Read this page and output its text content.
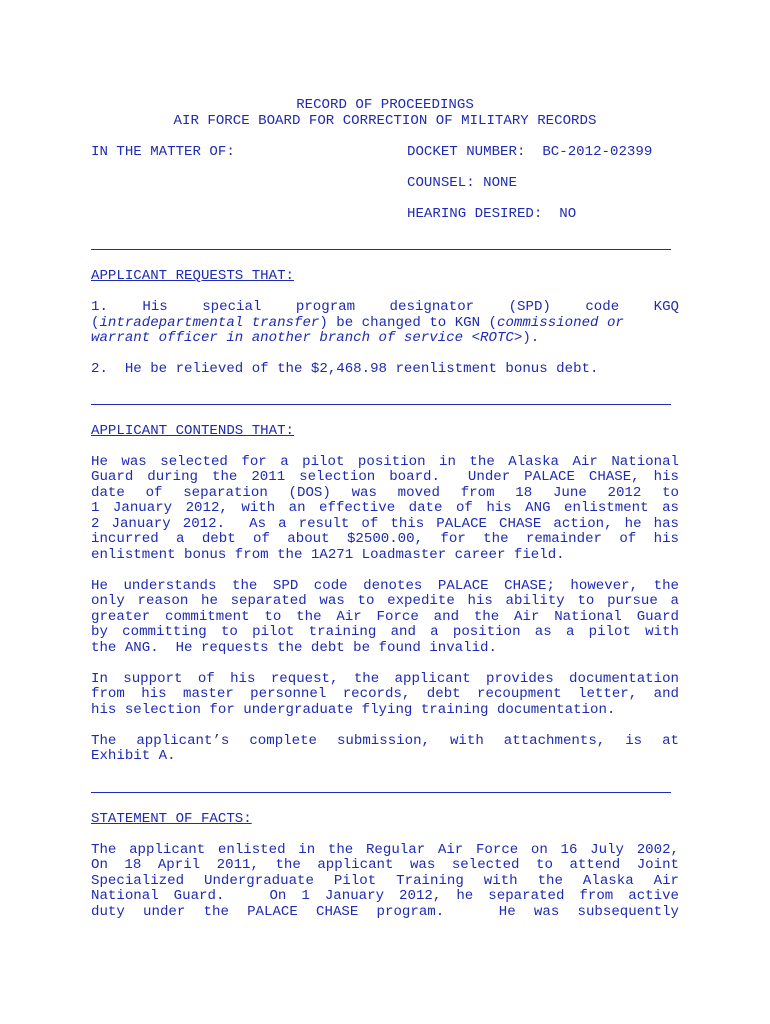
RECORD OF PROCEEDINGS
AIR FORCE BOARD FOR CORRECTION OF MILITARY RECORDS
IN THE MATTER OF:	DOCKET NUMBER:  BC-2012-02399
COUNSEL: NONE
HEARING DESIRED:  NO
APPLICANT REQUESTS THAT:
1. His special program designator (SPD) code KGQ
(intradepartmental transfer) be changed to KGN (commissioned or
warrant officer in another branch of service <ROTC>).
2.  He be relieved of the $2,468.98 reenlistment bonus debt.
APPLICANT CONTENDS THAT:
He was selected for a pilot position in the Alaska Air National
Guard during the 2011 selection board.  Under PALACE CHASE, his
date of separation (DOS) was moved from 18 June 2012 to
1 January 2012, with an effective date of his ANG enlistment as
2 January 2012.  As a result of this PALACE CHASE action, he has
incurred a debt of about $2500.00, for the remainder of his
enlistment bonus from the 1A271 Loadmaster career field.
He understands the SPD code denotes PALACE CHASE; however, the
only reason he separated was to expedite his ability to pursue a
greater commitment to the Air Force and the Air National Guard
by committing to pilot training and a position as a pilot with
the ANG.  He requests the debt be found invalid.
In support of his request, the applicant provides documentation
from his master personnel records, debt recoupment letter, and
his selection for undergraduate flying training documentation.
The applicant’s complete submission, with attachments, is at
Exhibit A.
STATEMENT OF FACTS:
The applicant enlisted in the Regular Air Force on 16 July 2002,
On 18 April 2011, the applicant was selected to attend Joint
Specialized Undergraduate Pilot Training with the Alaska Air
National Guard.   On 1 January 2012, he separated from active
duty under the PALACE CHASE program.   He was subsequently
